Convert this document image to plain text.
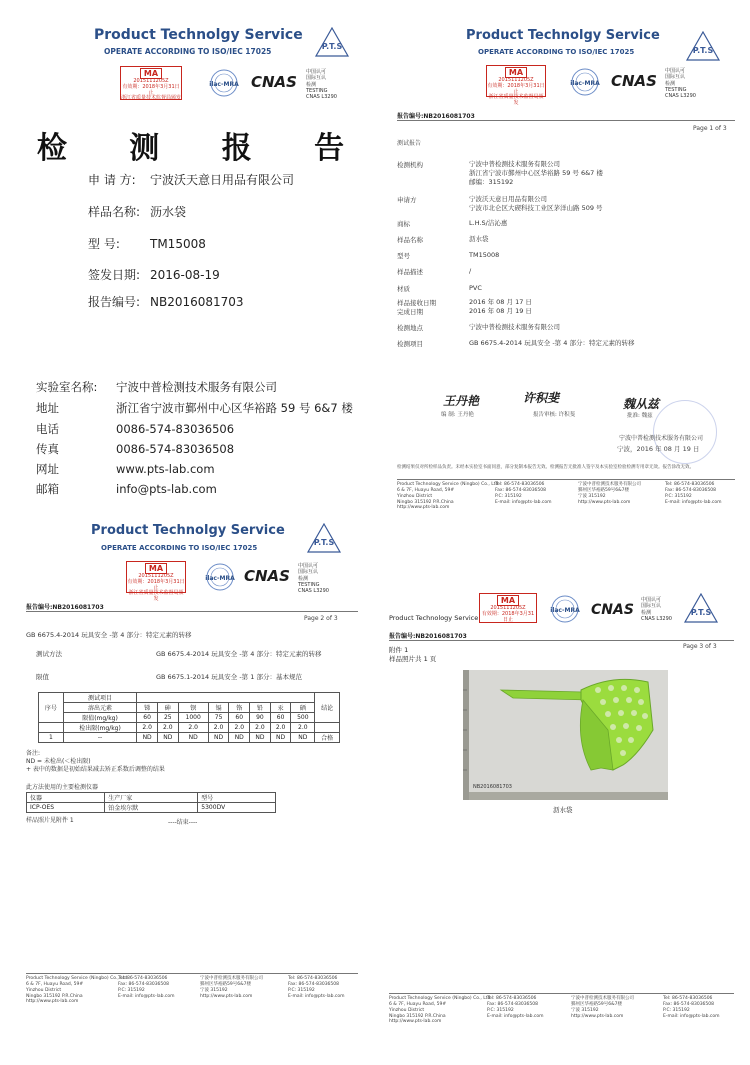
Product Technolgy Service
OPERATE ACCORDING TO ISO/IEC 17025
P.T.S
MA
2015111205Z
有效期：2018年3月31日止
浙江省质量技术监督局颁发
ilac-MRA CNAS
中国认可
国际互认
检测
TESTING
CNAS L3290
检 测 报 告
申 请 方: 宁波沃天意日用品有限公司
样品名称: 沥水袋
型 号:	TM15008
签发日期: 2016-08-19
报告编号: NB2016081703
实验室名称: 宁波中普检测技术服务有限公司
地址	浙江省宁波市鄞州中心区华裕路 59 号 6&7 楼
电话	0086-574-83036506
传真	0086-574-83036508
网址	www.pts-lab.com
邮箱	info@pts-lab.com
Product Technolgy Service
OPERATE ACCORDING TO ISO/IEC 17025	P.T.S
MA
2015111205Z
有效期：2018年3月31日止
浙江省质量技术监督局颁发
ilac-MRA CNAS
中国认可
国际互认
检测
TESTING
CNAS L3290
报告编号:NB2016081703
Page 1 of 3
测试报告
检测机构	宁波中普检测技术服务有限公司
浙江省宁波市鄞州中心区华裕路 59 号 6&7 楼
邮编：315192
申请方	宁波沃天意日用品有限公司
宁波市北仑区大碶科技工业区茅洋山路 509 号
商标	L.H.S/洁沁惠
样品名称	沥水袋
型号	TM15008
样品描述	/
材质	PVC
样品接收日期	2016 年 08 月 17 日
完成日期	2016 年 08 月 19 日
检测地点	宁波中普检测技术服务有限公司
检测项目	GB 6675.4-2014 玩具安全 -第 4 部分：特定元素的转移
王丹艳
编 制: 王丹艳
许积斐
报告审核: 许积斐
魏从兹
批准: 魏兹
宁波中普检测技术服务有限公司
宁波，2016 年 08 月 19 日
检测结果仅对所检样品负责。未经本实验室书面同意，部分复制本报告无效。检测报告无批准人签字及本实验室检验检测专用章无效。报告涂改无效。
Product Technology Service (Ningbo) Co., Ltd.
6 & 7F, Huayu Road, 59#
Yinzhou District
Ningbo 315192 P.R.China
http://www.pts-lab.com
Tel: 86-574-83036506
Fax: 86-574-83036508
P.C: 315192
E-mail: info@pts-lab.com
宁波中普检测技术服务有限公司
鄞州区华裕路59号6&7楼
宁波 315192
http://www.pts-lab.com
Tel: 86-574-83036506
Fax: 86-574-83036508
P.C: 315192
E-mail: info@pts-lab.com
Product Technolgy Service
OPERATE ACCORDING TO ISO/IEC 17025
P.T.S
MA
2015111205Z
有效期：2018年3月31日止
浙江省质量技术监督局颁发
ilac-MRA CNAS
中国认可
国际互认
检测
TESTING
CNAS L3290
报告编号:NB2016081703
Page 2 of 3
GB 6675.4-2014 玩具安全 -第 4 部分：特定元素的转移
测试方法	GB 6675.4-2014 玩具安全 -第 4 部分：特定元素的转移
限值	GB 6675.1-2014 玩具安全 -第 1 部分：基本规范
序号	测试项目									结论
	溶出元素	锑	砷	钡	镉	铬	铅	汞	硒	
	限值(mg/kg)	60	25	1000	75	60	90	60	500	
	检出限(mg/kg)	2.0	2.0	2.0	2.0	2.0	2.0	2.0	2.0	
1	--	ND	ND	ND	ND	ND	ND	ND	ND	合格
备注:
ND = 未检出(＜检出限)
+ 表中的数据是初始结果减去矫正系数后调整的结果
此方法使用的主要检测仪器
仪器	生产厂家	型号
ICP-OES	铂金埃尔默	5300DV
样品照片见附件 1	----结束----
Product Technology Service (Ningbo) Co., Ltd.
6 & 7F, Huayu Road, 59#
Yinzhou District
Ningbo 315192 P.R.China
http://www.pts-lab.com
Tel: 86-574-83036506
Fax: 86-574-83036508
P.C: 315192
E-mail: info@pts-lab.com
宁波中普检测技术服务有限公司
鄞州区华裕路59号6&7楼
宁波 315192
http://www.pts-lab.com
Tel: 86-574-83036506
Fax: 86-574-83036508
P.C: 315192
E-mail: info@pts-lab.com
Product Technology Service
MA
2015111205Z
有效期：2018年3月31日止
ilac-MRA CNAS
中国认可
国际互认
检测
CNAS L3290
P.T.S
报告编号:NB2016081703
Page 3 of 3
附件 1
样品照片共 1 页
NB2016081703
沥水袋
Product Technology Service (Ningbo) Co., Ltd.
6 & 7F, Huayu Road, 59#
Yinzhou District
Ningbo 315192 P.R.China
http://www.pts-lab.com
Tel: 86-574-83036506
Fax: 86-574-83036508
P.C: 315192
E-mail: info@pts-lab.com
宁波中普检测技术服务有限公司
鄞州区华裕路59号6&7楼
宁波 315192
http://www.pts-lab.com
Tel: 86-574-83036506
Fax: 86-574-83036508
P.C: 315192
E-mail: info@pts-lab.com
